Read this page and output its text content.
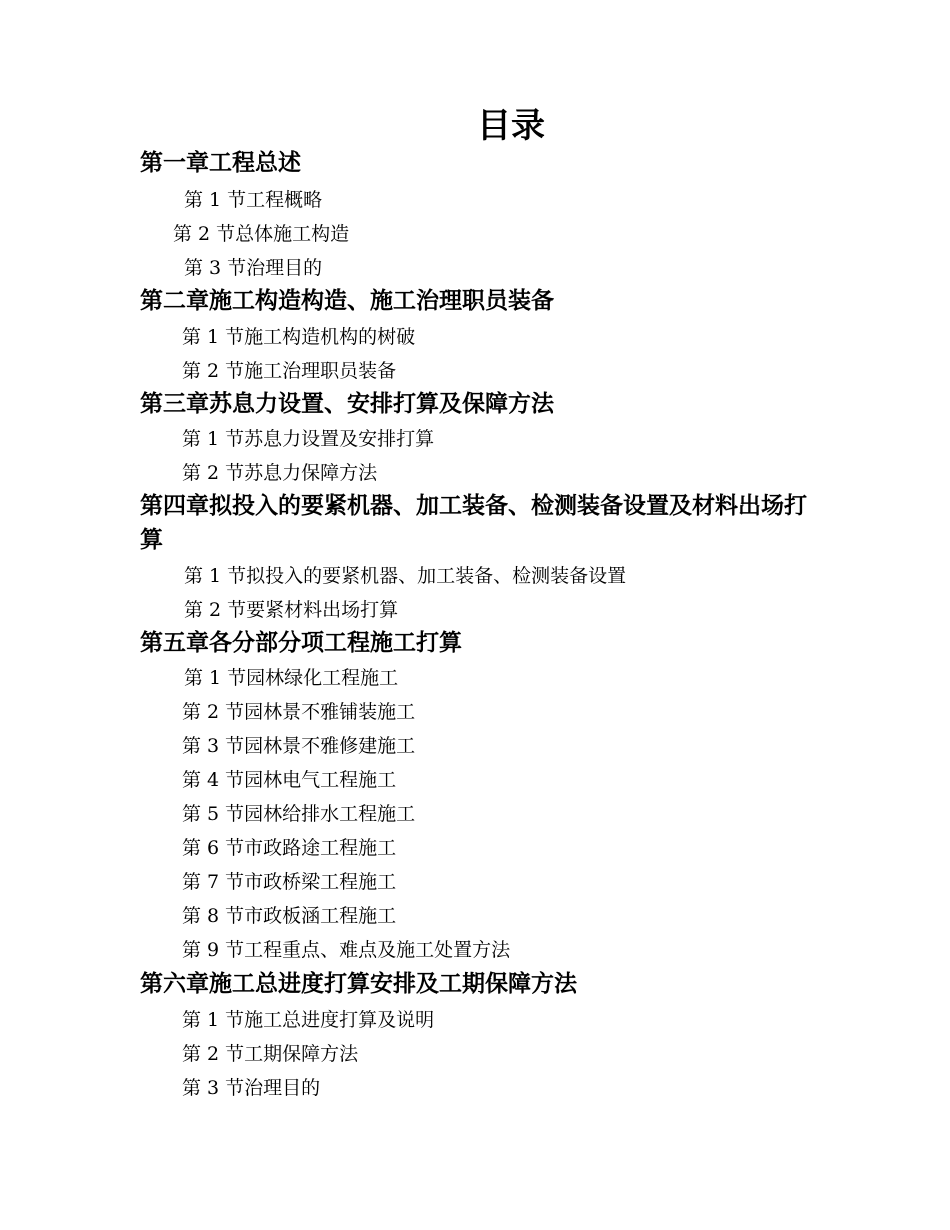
目录
第一章工程总述
第 1 节工程概略
第 2 节总体施工构造
第 3 节治理目的
第二章施工构造构造、施工治理职员装备
第 1 节施工构造机构的树破
第 2 节施工治理职员装备
第三章苏息力设置、安排打算及保障方法
第 1 节苏息力设置及安排打算
第 2 节苏息力保障方法
第四章拟投入的要紧机器、加工装备、检测装备设置及材料出场打算
第 1 节拟投入的要紧机器、加工装备、检测装备设置
第 2 节要紧材料出场打算
第五章各分部分项工程施工打算
第 1 节园林绿化工程施工
第 2 节园林景不雅铺装施工
第 3 节园林景不雅修建施工
第 4 节园林电气工程施工
第 5 节园林给排水工程施工
第 6 节市政路途工程施工
第 7 节市政桥梁工程施工
第 8 节市政板涵工程施工
第 9 节工程重点、难点及施工处置方法
第六章施工总进度打算安排及工期保障方法
第 1 节施工总进度打算及说明
第 2 节工期保障方法
第 3 节治理目的
